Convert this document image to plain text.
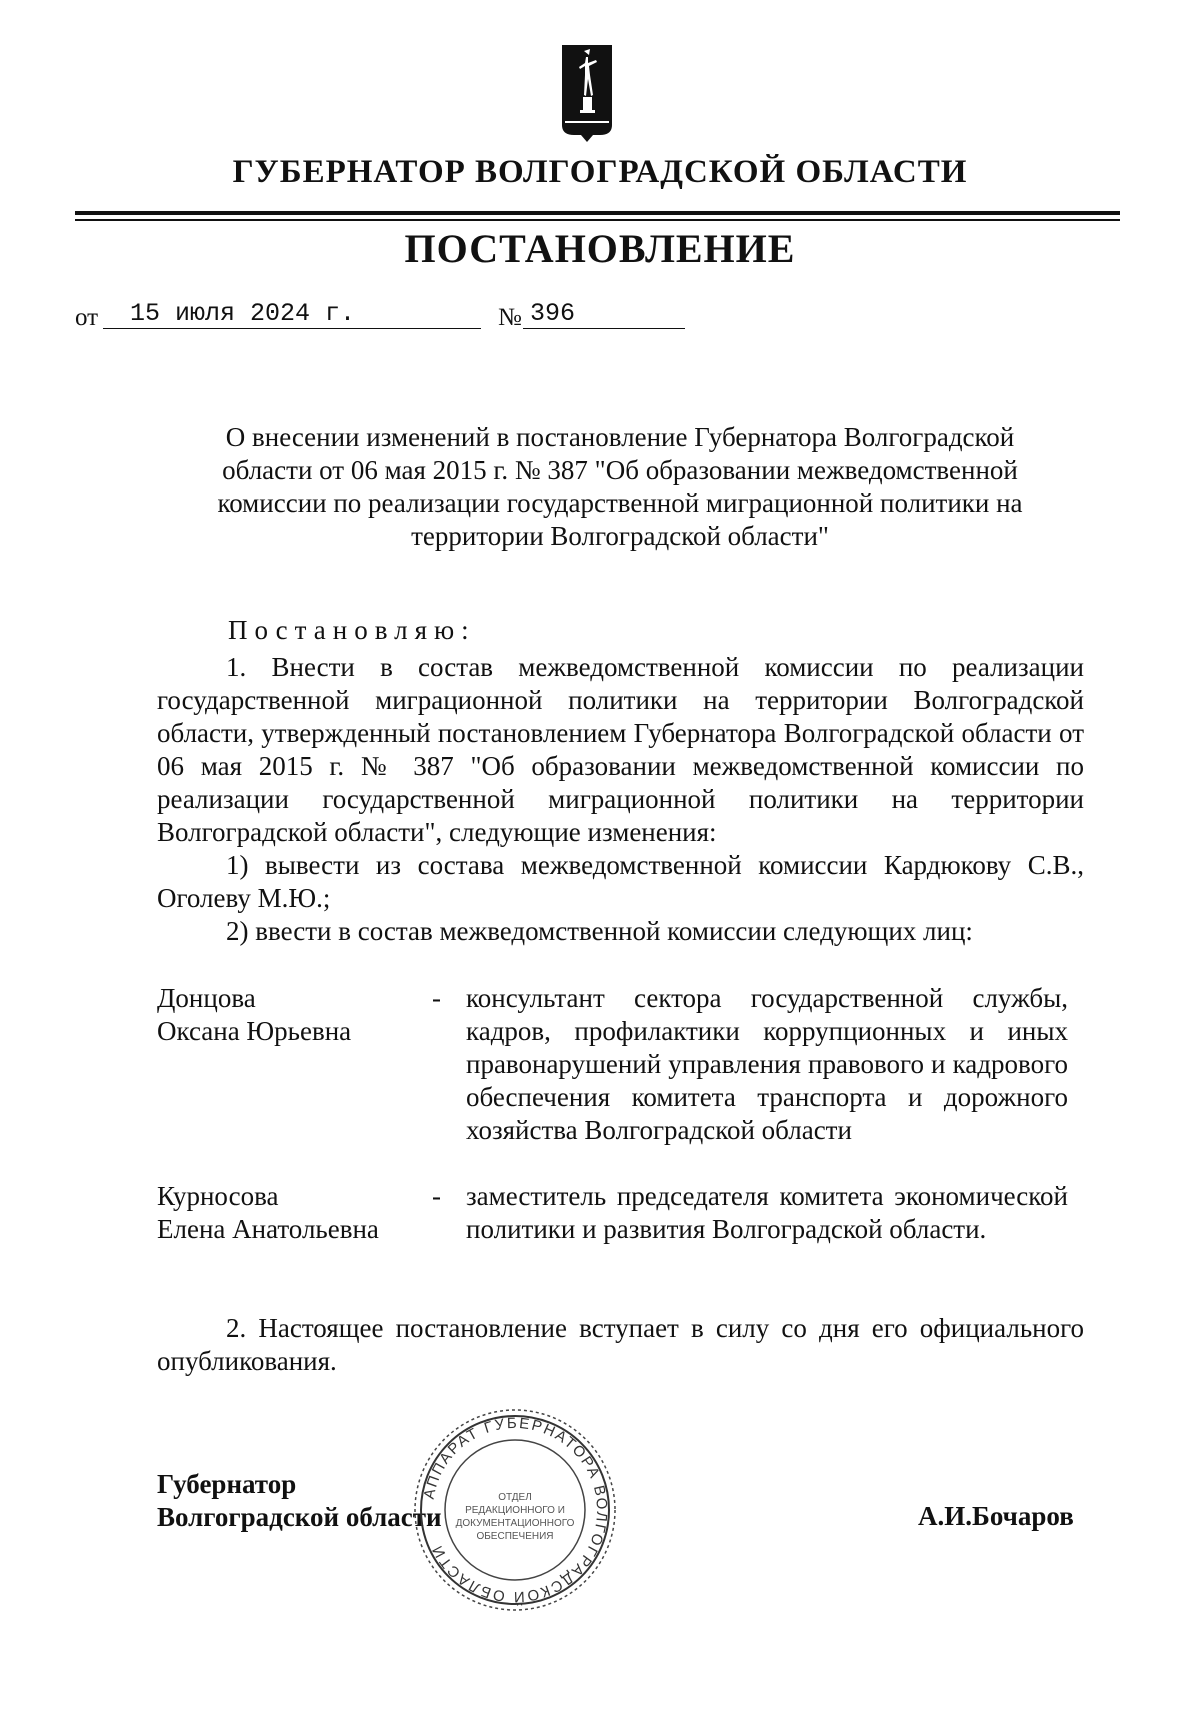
ГУБЕРНАТОР ВОЛГОГРАДСКОЙ ОБЛАСТИ
ПОСТАНОВЛЕНИЕ
от 15 июля 2024 г.	№ 396
О внесении изменений в постановление Губернатора Волгоградской области от 06 мая 2015 г. № 387 "Об образовании межведомственной комиссии по реализации государственной миграционной политики на территории Волгоградской области"
Постановляю:
1. Внести в состав межведомственной комиссии по реализации государственной миграционной политики на территории Волгоградской области, утвержденный постановлением Губернатора Волгоградской области от 06 мая 2015 г. № 387 "Об образовании межведомственной комиссии по реализации государственной миграционной политики на территории Волгоградской области", следующие изменения:
1) вывести из состава межведомственной комиссии Кардюкову С.В., Оголеву М.Ю.;
2) ввести в состав межведомственной комиссии следующих лиц:
Донцова
Оксана Юрьевна
- консультант сектора государственной службы, кадров, профилактики коррупционных и иных правонарушений управления правового и кадрового обеспечения комитета транспорта и дорожного хозяйства Волгоградской области
Курносова
Елена Анатольевна
- заместитель председателя комитета экономической политики и развития Волгоградской области.
2. Настоящее постановление вступает в силу со дня его официального опубликования.
Губернатор
Волгоградской области	А.И.Бочаров
АППАРАТ ГУБЕРНАТОРА ВОЛГОГРАДСКОЙ ОБЛАСТИ
ОТДЕЛ
РЕДАКЦИОННОГО И
ДОКУМЕНТАЦИОННОГО
ОБЕСПЕЧЕНИЯ
